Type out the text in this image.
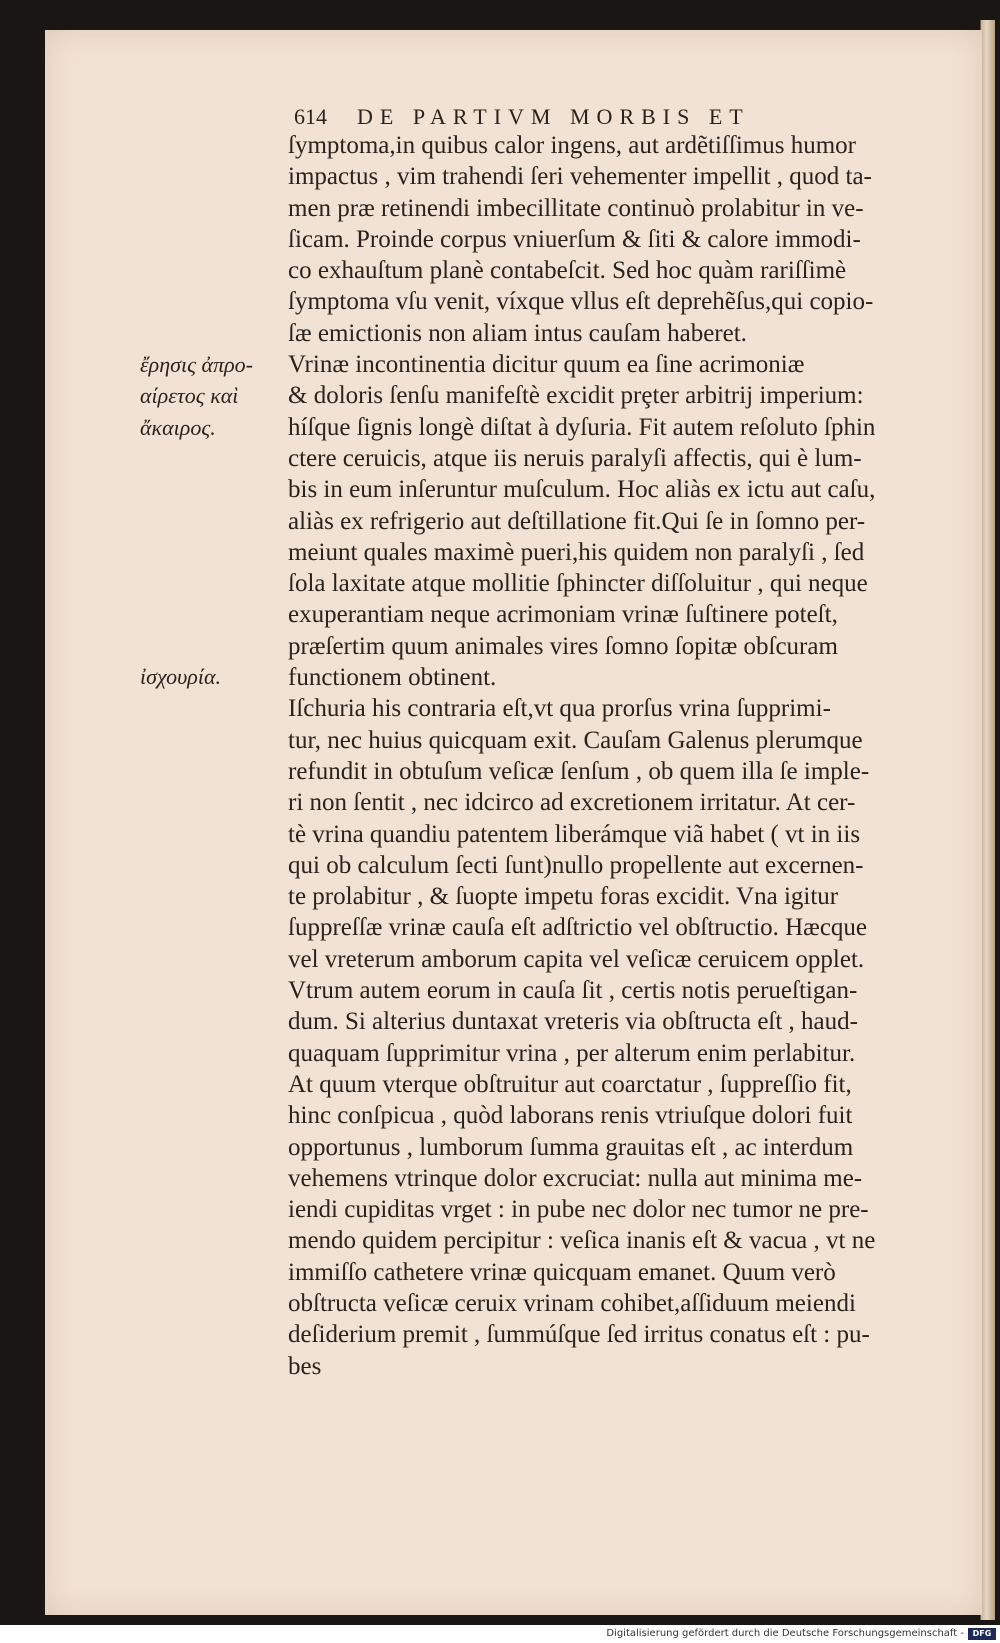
614 DE PARTIVM MORBIS ET
ἔρησις ἀπρο-
αίρετος καὶ
ἄκαιρος.
ἰσχουρία.
ſymptoma,in quibus calor ingens, aut ardẽtiſſimus humor
impactus , vim trahendi ſeri vehementer impellit , quod ta-
men præ retinendi imbecillitate continuò prolabitur in ve-
ſicam. Proinde corpus vniuerſum & ſiti & calore immodi-
co exhauſtum planè contabeſcit. Sed hoc quàm rariſſimè
ſymptoma vſu venit, víxque vllus eſt deprehẽſus,qui copio-
ſæ emictionis non aliam intus cauſam haberet.
Vrinæ incontinentia dicitur quum ea ſine acrimoniæ
& doloris ſenſu manifeſtè excidit prȩter arbitrij imperium:
híſque ſignis longè diſtat à dyſuria. Fit autem reſoluto ſphin
ctere ceruicis, atque iis neruis paralyſi affectis, qui è lum-
bis in eum inſeruntur muſculum. Hoc aliàs ex ictu aut caſu,
aliàs ex refrigerio aut deſtillatione fit.Qui ſe in ſomno per-
meiunt quales maximè pueri,his quidem non paralyſi , ſed
ſola laxitate atque mollitie ſphincter diſſoluitur , qui neque
exuperantiam neque acrimoniam vrinæ ſuſtinere poteſt,
præſertim quum animales vires ſomno ſopitæ obſcuram
functionem obtinent.
Iſchuria his contraria eſt,vt qua prorſus vrina ſupprimi-
tur, nec huius quicquam exit. Cauſam Galenus plerumque
refundit in obtuſum veſicæ ſenſum , ob quem illa ſe imple-
ri non ſentit , nec idcirco ad excretionem irritatur. At cer-
tè vrina quandiu patentem liberámque viã habet ( vt in iis
qui ob calculum ſecti ſunt)nullo propellente aut excernen-
te prolabitur , & ſuopte impetu foras excidit. Vna igitur
ſuppreſſæ vrinæ cauſa eſt adſtrictio vel obſtructio. Hæcque
vel vreterum amborum capita vel veſicæ ceruicem opplet.
Vtrum autem eorum in cauſa ſit , certis notis perueſtigan-
dum. Si alterius duntaxat vreteris via obſtructa eſt , haud-
quaquam ſupprimitur vrina , per alterum enim perlabitur.
At quum vterque obſtruitur aut coarctatur , ſuppreſſio fit,
hinc conſpicua , quòd laborans renis vtriuſque dolori fuit
opportunus , lumborum ſumma grauitas eſt , ac interdum
vehemens vtrinque dolor excruciat: nulla aut minima me-
iendi cupiditas vrget : in pube nec dolor nec tumor ne pre-
mendo quidem percipitur : veſica inanis eſt & vacua , vt ne
immiſſo cathetere vrinæ quicquam emanet. Quum verò
obſtructa veſicæ ceruix vrinam cohibet,aſſiduum meiendi
deſiderium premit , ſummúſque ſed irritus conatus eſt : pu-
bes
Digitalisierung gefördert durch die Deutsche Forschungsgemeinschaft -	DFG
